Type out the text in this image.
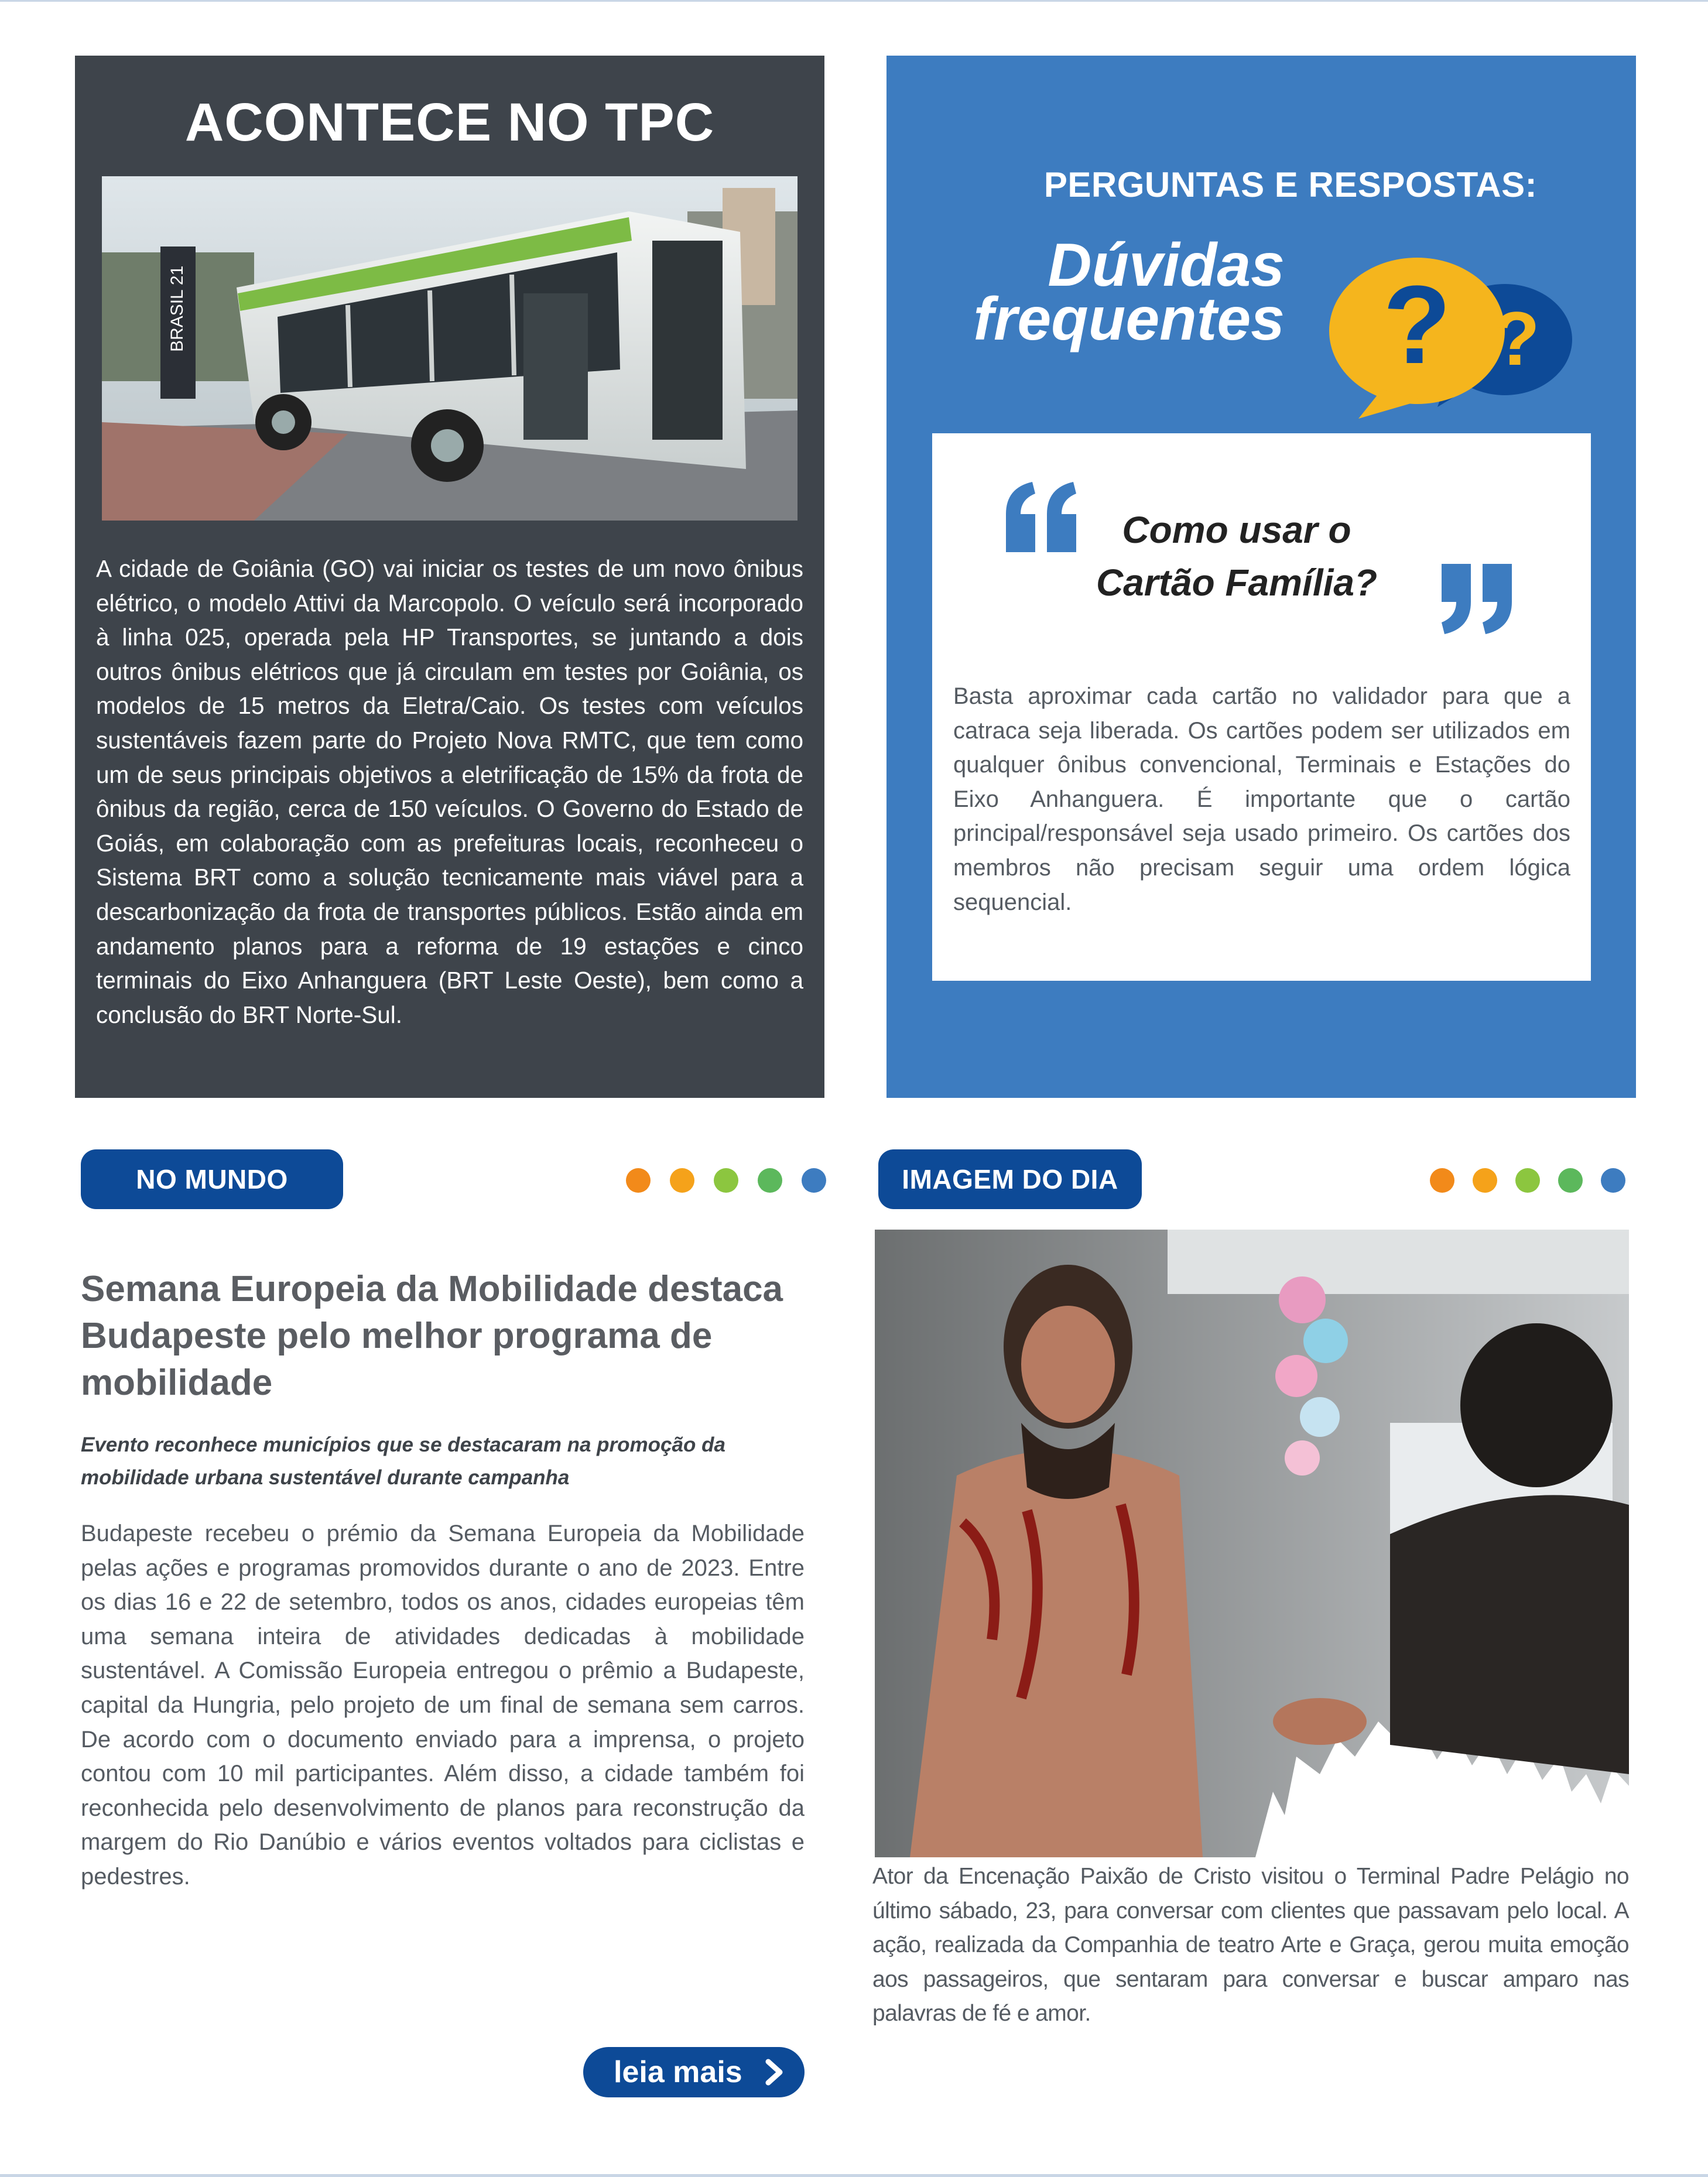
ACONTECE NO TPC
BRASIL 21

A cidade de Goiânia (GO) vai iniciar os testes de um novo ônibus elétrico, o modelo Attivi da Marcopolo. O veículo será incorporado à linha 025, operada pela HP Transportes, se juntando a dois outros ônibus elétricos que já circulam em testes por Goiânia, os modelos de 15 metros da Eletra/Caio. Os testes com veículos sustentáveis fazem parte do Projeto Nova RMTC, que tem como um de seus principais objetivos a eletrificação de 15% da frota de ônibus da região, cerca de 150 veículos. O Governo do Estado de Goiás, em colaboração com as prefeituras locais, reconheceu o Sistema BRT como a solução tecnicamente mais viável para a descarbonização da frota de transportes públicos. Estão ainda em andamento planos para a reforma de 19 estações e cinco terminais do Eixo Anhanguera (BRT Leste Oeste), bem como a conclusão do BRT Norte-Sul.

PERGUNTAS E RESPOSTAS:
Dúvidas
frequentes ? ?
Como usar o Cartão Família?

Basta aproximar cada cartão no validador para que a catraca seja liberada. Os cartões podem ser utilizados em qualquer ônibus convencional, Terminais e Estações do Eixo Anhanguera. É importante que o cartão principal/responsável seja usado primeiro. Os cartões dos membros não precisam seguir uma ordem lógica sequencial.

NO MUNDO
Semana Europeia da Mobilidade destaca Budapeste pelo melhor programa de mobilidade
Evento reconhece municípios que se destacaram na promoção da mobilidade urbana sustentável durante campanha

Budapeste recebeu o prémio da Semana Europeia da Mobilidade pelas ações e programas promovidos durante o ano de 2023. Entre os dias 16 e 22 de setembro, todos os anos, cidades europeias têm uma semana inteira de atividades dedicadas à mobilidade sustentável. A Comissão Europeia entregou o prêmio a Budapeste, capital da Hungria, pelo projeto de um final de semana sem carros. De acordo com o documento enviado para a imprensa, o projeto contou com 10 mil participantes. Além disso, a cidade também foi reconhecida pelo desenvolvimento de planos para reconstrução da margem do Rio Danúbio e vários eventos voltados para ciclistas e pedestres.

leia mais
IMAGEM DO DIA

Ator da Encenação Paixão de Cristo visitou o Terminal Padre Pelágio no último sábado, 23, para conversar com clientes que passavam pelo local. A ação, realizada da Companhia de teatro Arte e Graça, gerou muita emoção aos passageiros, que sentaram para conversar e buscar amparo nas palavras de fé e amor.
